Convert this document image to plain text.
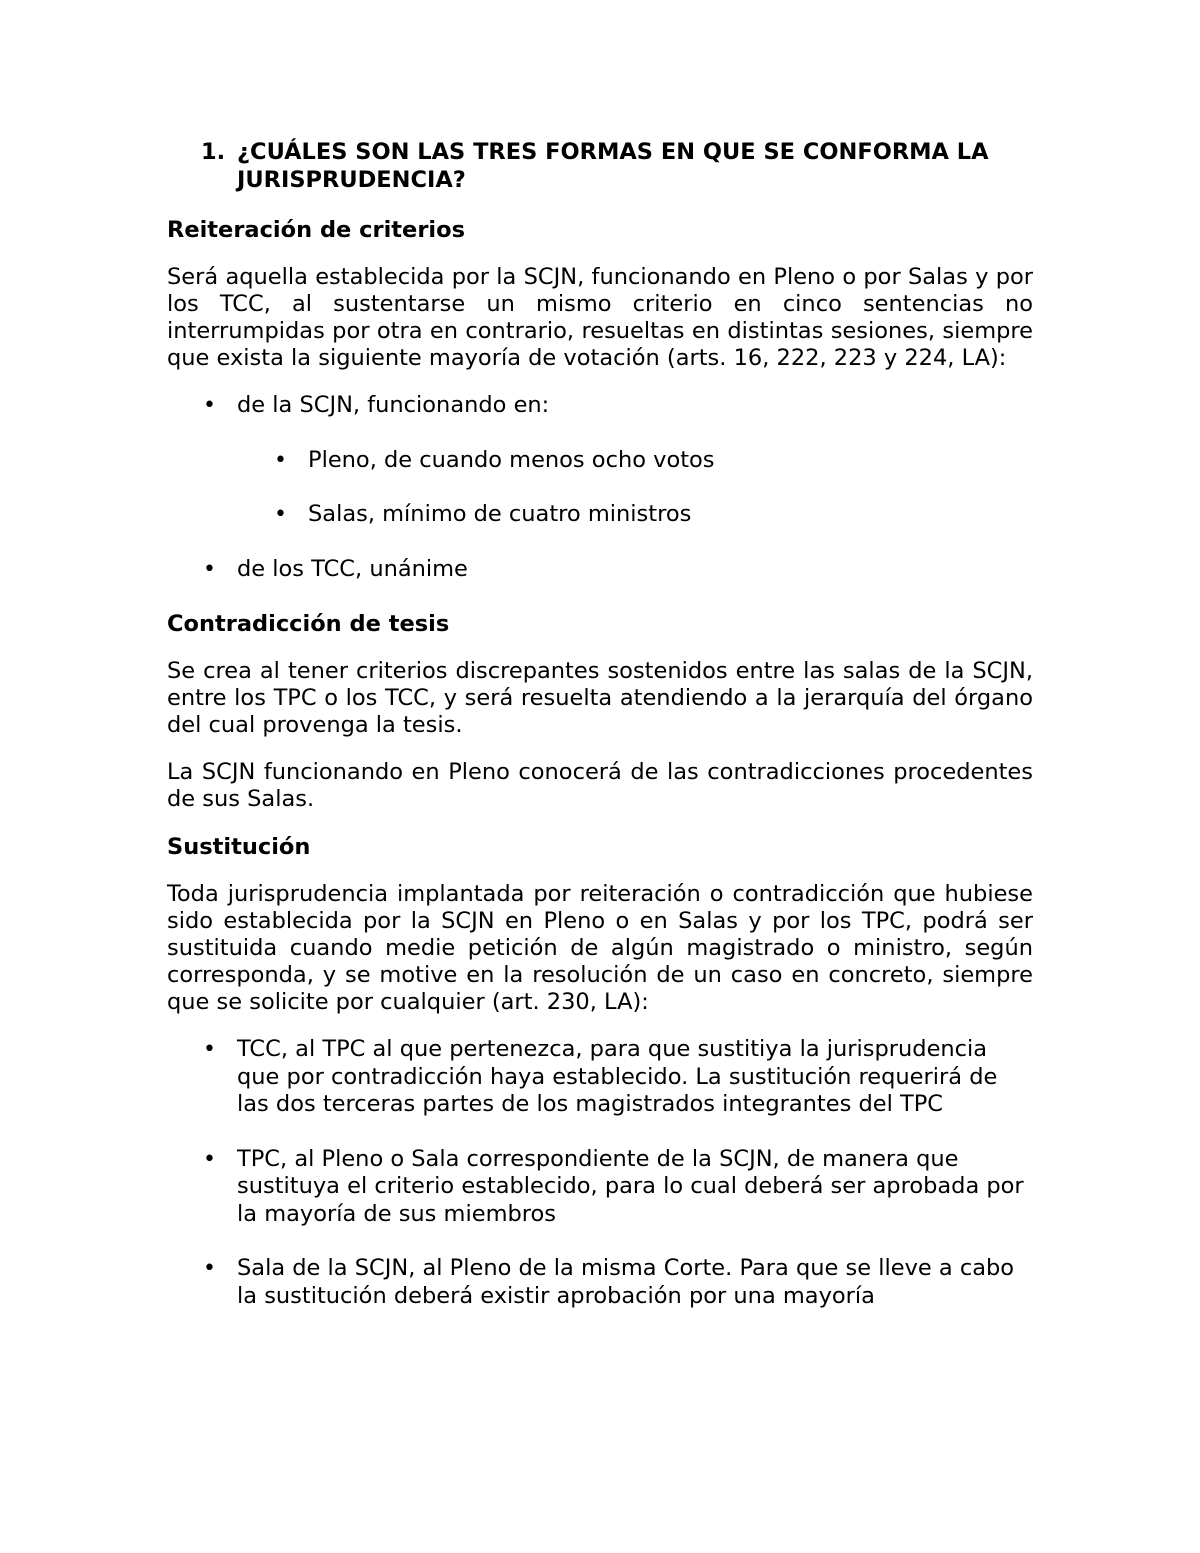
1. ¿CUÁLES SON LAS TRES FORMAS EN QUE SE CONFORMA LA JURISPRUDENCIA?
Reiteración de criterios

Será aquella establecida por la SCJN, funcionando en Pleno o por Salas y por los TCC, al sustentarse un mismo criterio en cinco sentencias no interrumpidas por otra en contrario, resueltas en distintas sesiones, siempre que exista la siguiente mayoría de votación (arts. 16, 222, 223 y 224, LA):

• de la SCJN, funcionando en:
• Pleno, de cuando menos ocho votos
• Salas, mínimo de cuatro ministros
• de los TCC, unánime
Contradicción de tesis

Se crea al tener criterios discrepantes sostenidos entre las salas de la SCJN, entre los TPC o los TCC, y será resuelta atendiendo a la jerarquía del órgano del cual provenga la tesis.

La SCJN funcionando en Pleno conocerá de las contradicciones procedentes de sus Salas.

Sustitución

Toda jurisprudencia implantada por reiteración o contradicción que hubiese sido establecida por la SCJN en Pleno o en Salas y por los TPC, podrá ser sustituida cuando medie petición de algún magistrado o ministro, según corresponda, y se motive en la resolución de un caso en concreto, siempre que se solicite por cualquier (art. 230, LA):

• TCC, al TPC al que pertenezca, para que sustitiya la jurisprudencia que por contradicción haya establecido. La sustitución requerirá de las dos terceras partes de los magistrados integrantes del TPC
• TPC, al Pleno o Sala correspondiente de la SCJN, de manera que sustituya el criterio establecido, para lo cual deberá ser aprobada por la mayoría de sus miembros
• Sala de la SCJN, al Pleno de la misma Corte. Para que se lleve a cabo la sustitución deberá existir aprobación por una mayoría
